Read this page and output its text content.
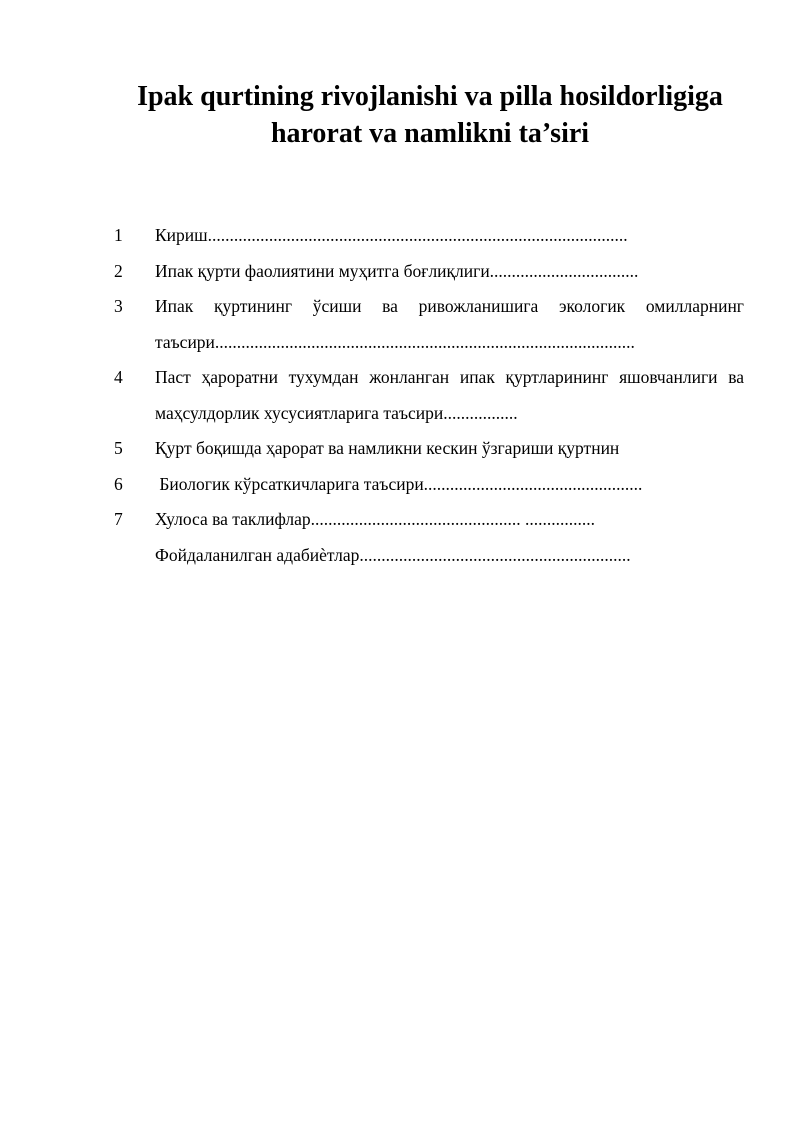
Ipak qurtining rivojlanishi va pilla hosildorligiga
harorat va namlikni ta’siri
1 Кириш................................................................................................
2 Ипак қурти фаолиятини муҳитга боғлиқлиги..................................
3 Ипак қуртининг ўсиши ва ривожланишига экологик омилларнинг
таъсири................................................................................................
4 Паст ҳароратни тухумдан жонланган ипак қуртларининг яшовчанлиги ва
маҳсулдорлик хусусиятларига таъсири.................
5 Қурт боқишда ҳарорат ва намликни кескин ўзгариши қуртнин
6 Биологик кўрсаткичларига таъсири..................................................
7 Хулоса ва таклифлар................................................ ................
Фойдаланилган адабиѐтлар..............................................................
